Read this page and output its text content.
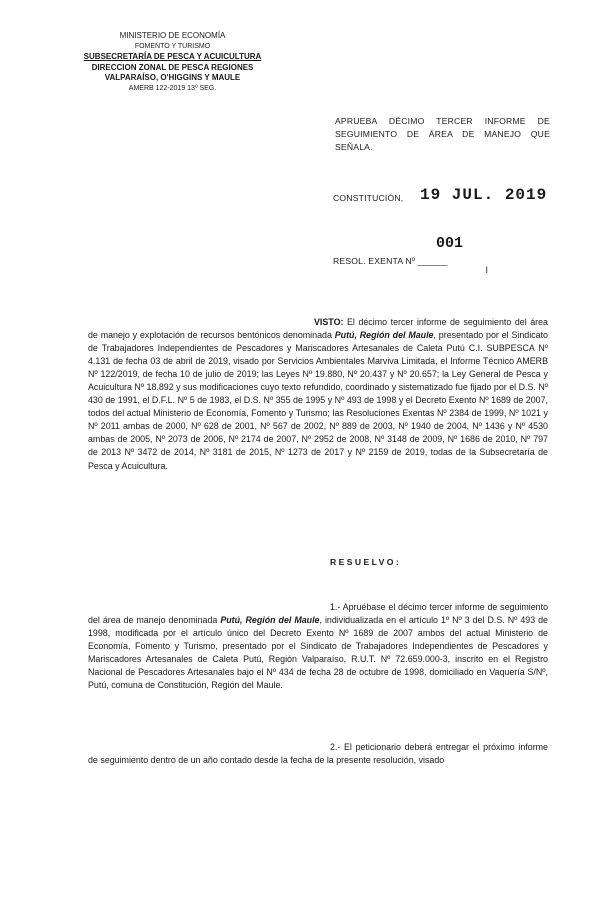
MINISTERIO DE ECONOMÍA
FOMENTO Y TURISMO
SUBSECRETARÍA DE PESCA Y ACUICULTURA
DIRECCION ZONAL DE PESCA REGIONES
VALPARAÍSO, O'HIGGINS Y MAULE
AMERB 122-2019 13º SEG.
APRUEBA DÉCIMO TERCER INFORME DE SEGUIMIENTO DE ÁREA DE MANEJO QUE SEÑALA.
CONSTITUCIÓN, 19 JUL. 2019
001
RESOL. EXENTA Nº ______
ı
VISTO: El décimo tercer informe de seguimiento del área de manejo y explotación de recursos bentónicos denominada Putú, Región del Maule, presentado por el Sindicato de Trabajadores Independientes de Pescadores y Mariscadores Artesanales de Caleta Putú C.I. SUBPESCA Nº 4.131 de fecha 03 de abril de 2019, visado por Servicios Ambientales Marviva Limitada, el Informe Técnico AMERB Nº 122/2019, de fecha 10 de julio de 2019; las Leyes Nº 19.880, Nº 20.437 y Nº 20.657; la Ley General de Pesca y Acuicultura Nº 18.892 y sus modificaciones cuyo texto refundido, coordinado y sistematizado fue fijado por el D.S. Nº 430 de 1991, el D.F.L. Nº 5 de 1983, el D.S. Nº 355 de 1995 y Nº 493 de 1998 y el Decreto Exento Nº 1689 de 2007, todos del actual Ministerio de Economía, Fomento y Turismo; las Resoluciones Exentas Nº 2384 de 1999, Nº 1021 y Nº 2011 ambas de 2000, Nº 628 de 2001, Nº 567 de 2002, Nº 889 de 2003, Nº 1940 de 2004, Nº 1436 y Nº 4530 ambas de 2005, Nº 2073 de 2006, Nº 2174 de 2007, Nº 2952 de 2008, Nº 3148 de 2009, Nº 1686 de 2010, Nº 797 de 2013 Nº 3472 de 2014, Nº 3181 de 2015, Nº 1273 de 2017 y Nº 2159 de 2019, todas de la Subsecretaría de Pesca y Acuicultura.
RESUELVO:
1.- Apruébase el décimo tercer informe de seguimiento del área de manejo denominada Putú, Región del Maule, individualizada en el artículo 1º Nº 3 del D.S. Nº 493 de 1998, modificada por el artículo único del Decreto Exento Nº 1689 de 2007 ambos del actual Ministerio de Economía, Fomento y Turismo, presentado por el Sindicato de Trabajadores Independientes de Pescadores y Mariscadores Artesanales de Caleta Putú, Región Valparaíso, R.U.T. Nº 72.659.000-3, inscrito en el Registro Nacional de Pescadores Artesanales bajo el Nº 434 de fecha 28 de octubre de 1998, domiciliado en Vaquería S/Nº, Putú, comuna de Constitución, Región del Maule.
2.- El peticionario deberá entregar el próximo informe de seguimiento dentro de un año contado desde la fecha de la presente resolución, visado
